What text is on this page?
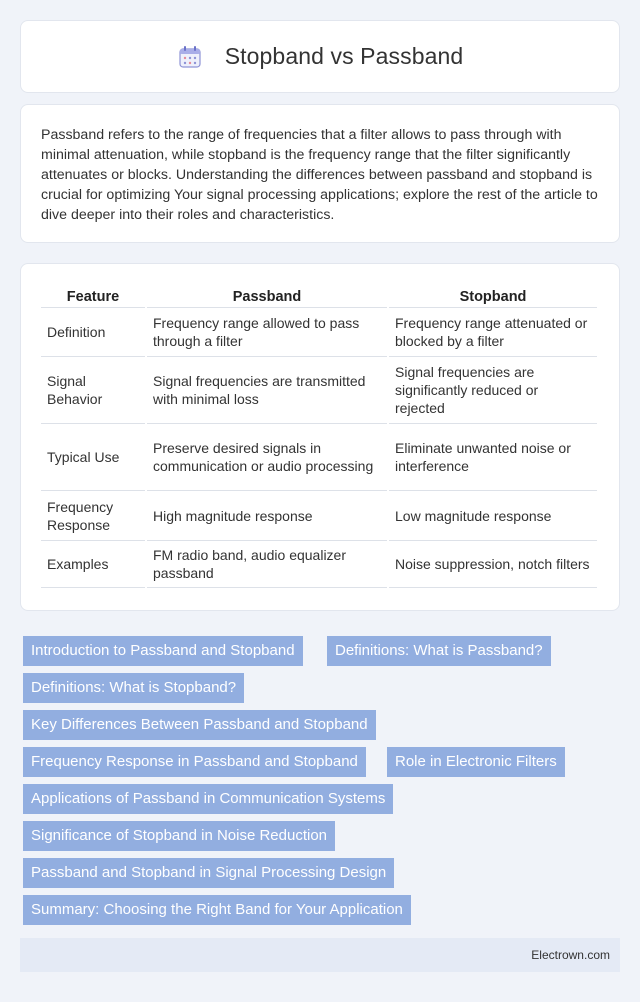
Stopband vs Passband

Passband refers to the range of frequencies that a filter allows to pass through with minimal attenuation, while stopband is the frequency range that the filter significantly attenuates or blocks. Understanding the differences between passband and stopband is crucial for optimizing Your signal processing applications; explore the rest of the article to dive deeper into their roles and characteristics.

Feature	Passband	Stopband
Definition	Frequency range allowed to pass through a filter	Frequency range attenuated or blocked by a filter
Signal Behavior	Signal frequencies are transmitted with minimal loss	Signal frequencies are significantly reduced or rejected
Typical Use	Preserve desired signals in communication or audio processing	Eliminate unwanted noise or interference
Frequency Response	High magnitude response	Low magnitude response
Examples	FM radio band, audio equalizer passband	Noise suppression, notch filters
Introduction to Passband and Stopband	Definitions: What is Passband?
Definitions: What is Stopband?
Key Differences Between Passband and Stopband
Frequency Response in Passband and Stopband	Role in Electronic Filters
Applications of Passband in Communication Systems
Significance of Stopband in Noise Reduction
Passband and Stopband in Signal Processing Design
Summary: Choosing the Right Band for Your Application
Electrown.com
